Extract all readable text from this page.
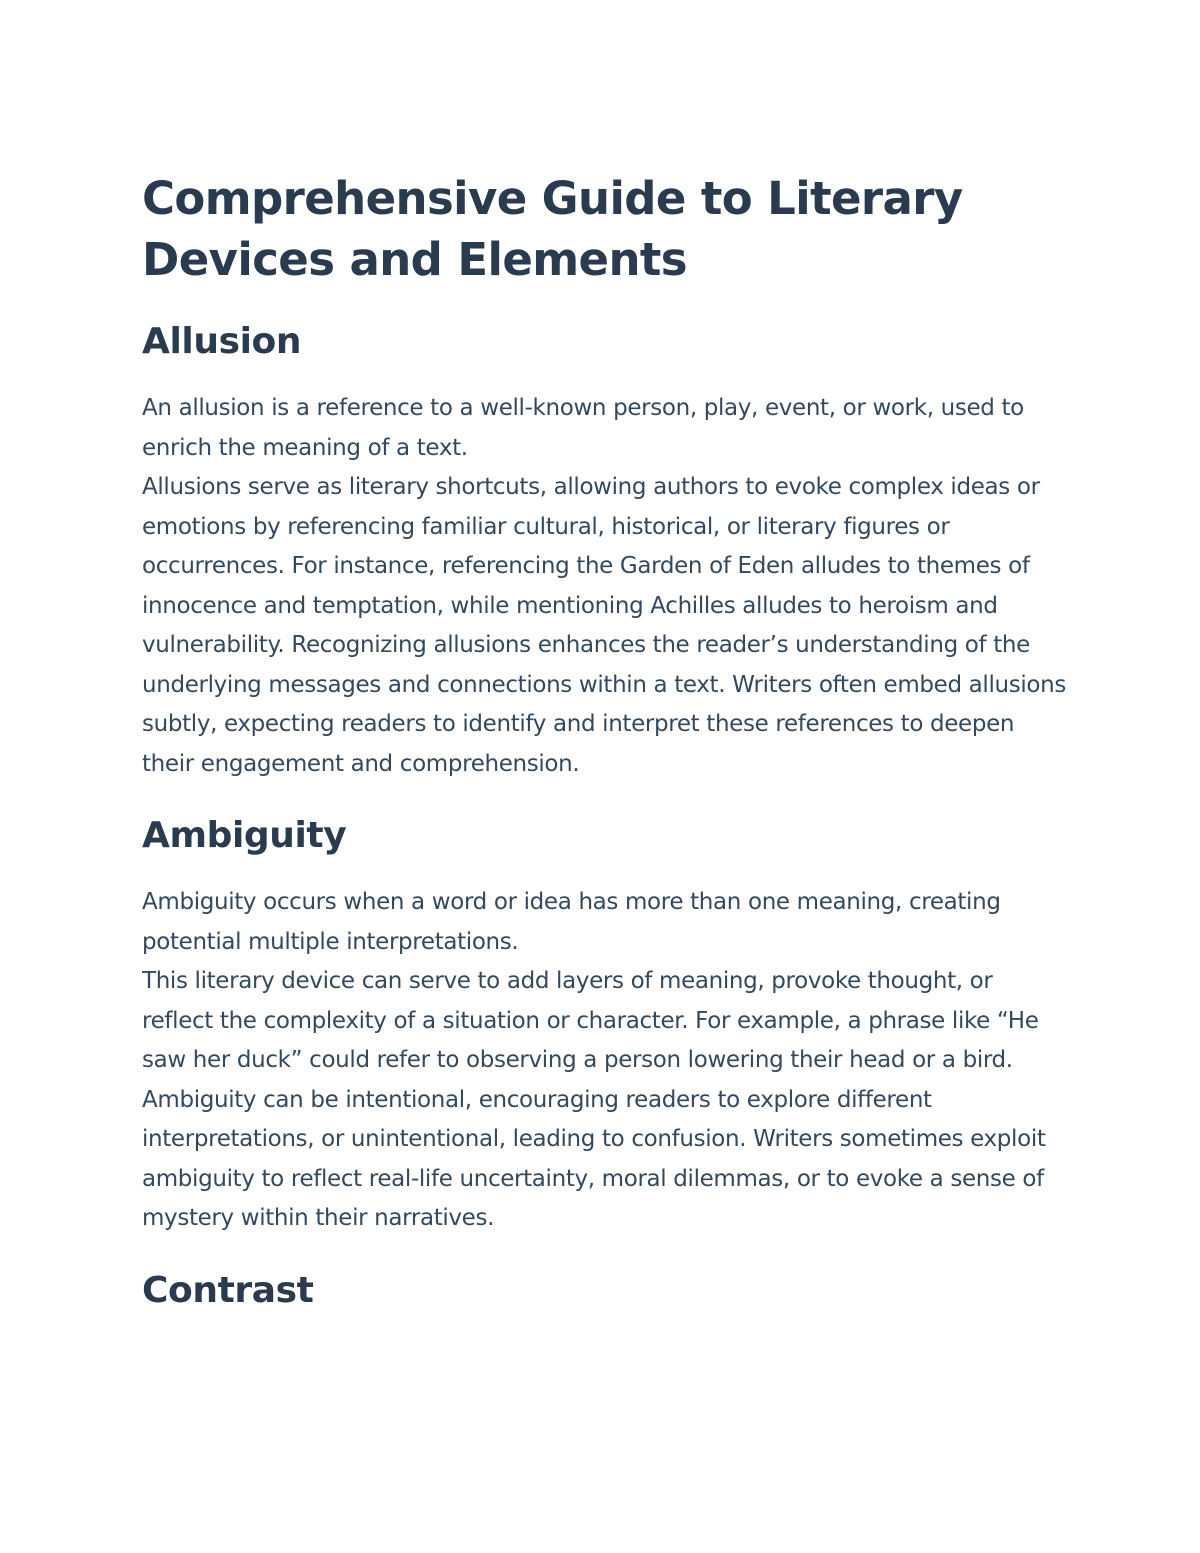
Comprehensive Guide to Literary Devices and Elements
Allusion

An allusion is a reference to a well-known person, play, event, or work, used to enrich the meaning of a text.

Allusions serve as literary shortcuts, allowing authors to evoke complex ideas or emotions by referencing familiar cultural, historical, or literary figures or occurrences. For instance, referencing the Garden of Eden alludes to themes of innocence and temptation, while mentioning Achilles alludes to heroism and vulnerability. Recognizing allusions enhances the reader’s understanding of the underlying messages and connections within a text. Writers often embed allusions subtly, expecting readers to identify and interpret these references to deepen their engagement and comprehension.

Ambiguity

Ambiguity occurs when a word or idea has more than one meaning, creating potential multiple interpretations.

This literary device can serve to add layers of meaning, provoke thought, or reflect the complexity of a situation or character. For example, a phrase like “He saw her duck” could refer to observing a person lowering their head or a bird. Ambiguity can be intentional, encouraging readers to explore different interpretations, or unintentional, leading to confusion. Writers sometimes exploit ambiguity to reflect real-life uncertainty, moral dilemmas, or to evoke a sense of mystery within their narratives.

Contrast
